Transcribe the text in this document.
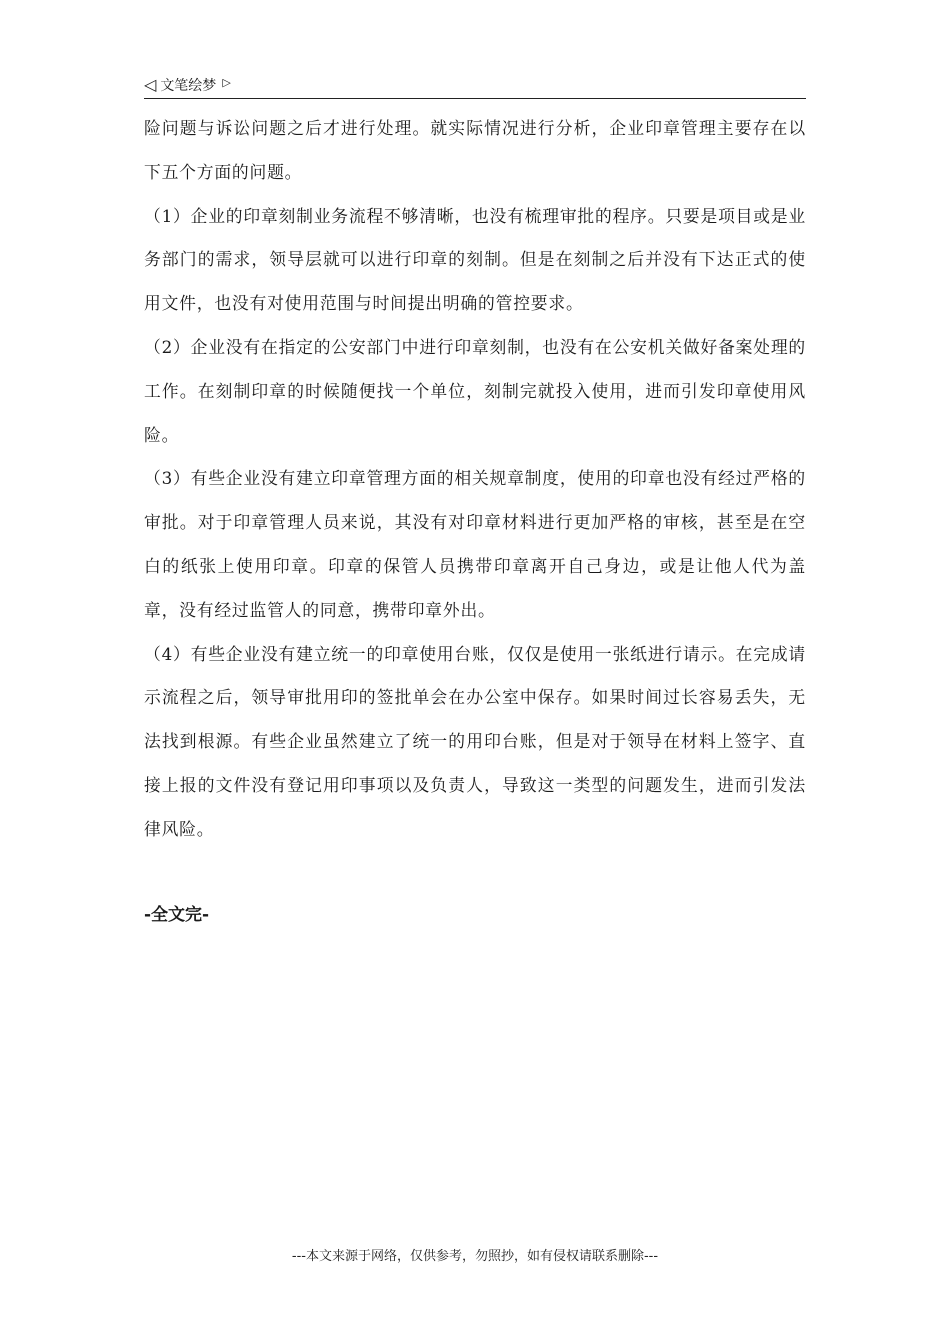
◁ 文笔绘梦 ▷

险问题与诉讼问题之后才进行处理。就实际情况进行分析，企业印章管理主要存在以下五个方面的问题。

（1）企业的印章刻制业务流程不够清晰，也没有梳理审批的程序。只要是项目或是业务部门的需求，领导层就可以进行印章的刻制。但是在刻制之后并没有下达正式的使用文件，也没有对使用范围与时间提出明确的管控要求。

（2）企业没有在指定的公安部门中进行印章刻制，也没有在公安机关做好备案处理的工作。在刻制印章的时候随便找一个单位，刻制完就投入使用，进而引发印章使用风险。

（3）有些企业没有建立印章管理方面的相关规章制度，使用的印章也没有经过严格的审批。对于印章管理人员来说，其没有对印章材料进行更加严格的审核，甚至是在空白的纸张上使用印章。印章的保管人员携带印章离开自己身边，或是让他人代为盖章，没有经过监管人的同意，携带印章外出。

（4）有些企业没有建立统一的印章使用台账，仅仅是使用一张纸进行请示。在完成请示流程之后，领导审批用印的签批单会在办公室中保存。如果时间过长容易丢失，无法找到根源。有些企业虽然建立了统一的用印台账，但是对于领导在材料上签字、直接上报的文件没有登记用印事项以及负责人，导致这一类型的问题发生，进而引发法律风险。

-全文完-
---本文来源于网络，仅供参考，勿照抄，如有侵权请联系删除---
